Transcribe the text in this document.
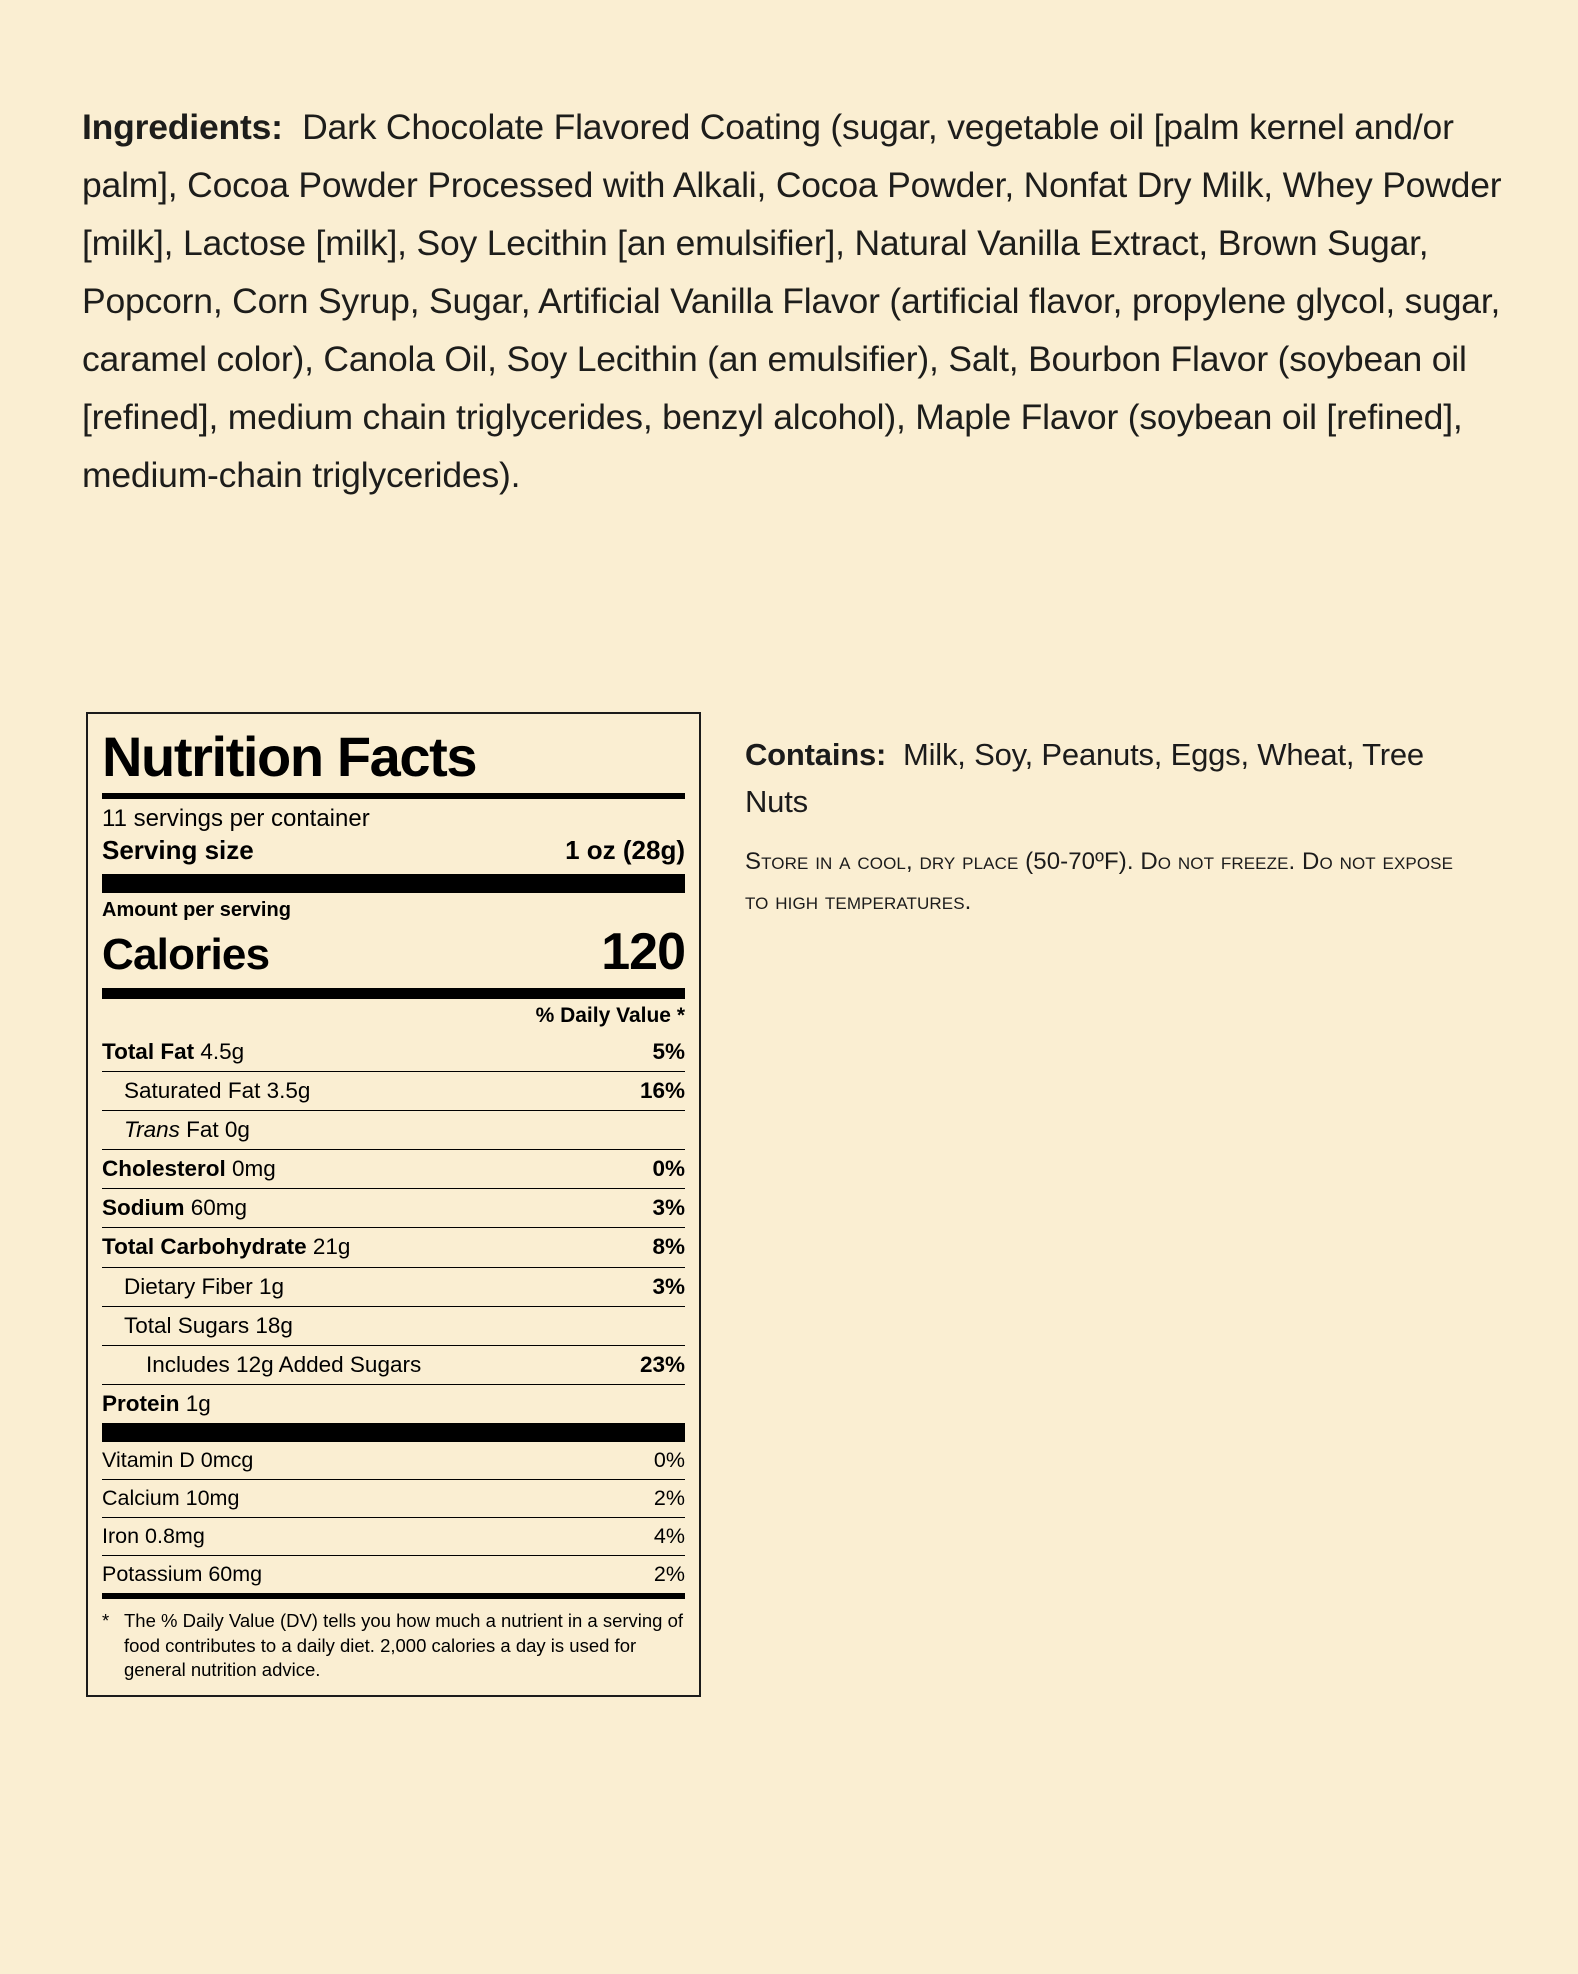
Ingredients: Dark Chocolate Flavored Coating (sugar, vegetable oil [palm kernel and/or palm], Cocoa Powder Processed with Alkali, Cocoa Powder, Nonfat Dry Milk, Whey Powder [milk], Lactose [milk], Soy Lecithin [an emulsifier], Natural Vanilla Extract, Brown Sugar, Popcorn, Corn Syrup, Sugar, Artificial Vanilla Flavor (artificial flavor, propylene glycol, sugar, caramel color), Canola Oil, Soy Lecithin (an emulsifier), Salt, Bourbon Flavor (soybean oil [refined], medium chain triglycerides, benzyl alcohol), Maple Flavor (soybean oil [refined], medium-chain triglycerides).

Nutrition Facts
11 servings per container
Serving size	1 oz (28g)
Amount per serving
Calories	120
% Daily Value *
Total Fat 4.5g	5%
Saturated Fat 3.5g	16%
Trans Fat 0g
Cholesterol 0mg	0%
Sodium 60mg	3%
Total Carbohydrate 21g	8%
Dietary Fiber 1g	3%
Total Sugars 18g
Includes 12g Added Sugars	23%
Protein 1g
Vitamin D 0mcg	0%
Calcium 10mg	2%
Iron 0.8mg	4%
Potassium 60mg	2%
* The % Daily Value (DV) tells you how much a nutrient in a serving of food contributes to a daily diet. 2,000 calories a day is used for general nutrition advice.

Contains: Milk, Soy, Peanuts, Eggs, Wheat, Tree Nuts

Store in a cool, dry place (50-70ºF). Do not freeze. Do not expose to high temperatures.
